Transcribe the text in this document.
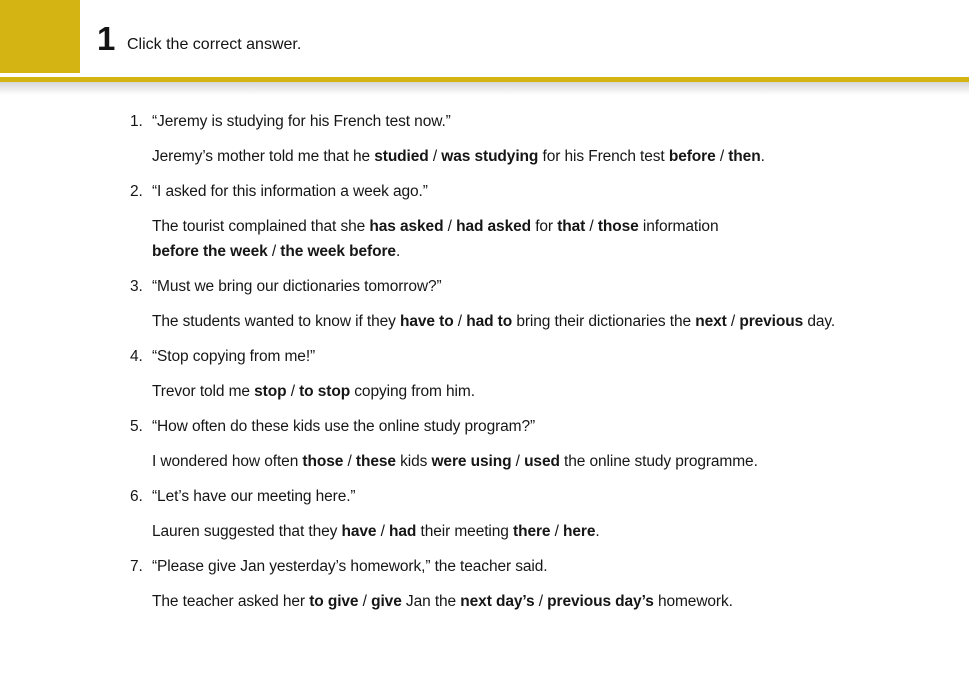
1 Click the correct answer.
1. “Jeremy is studying for his French test now.”

Jeremy’s mother told me that he studied / was studying for his French test before / then.

2. “I asked for this information a week ago.”

The tourist complained that she has asked / had asked for that / those information
before the week / the week before.

3. “Must we bring our dictionaries tomorrow?”

The students wanted to know if they have to / had to bring their dictionaries the next / previous day.

4. “Stop copying from me!”

Trevor told me stop / to stop copying from him.

5. “How often do these kids use the online study program?”

I wondered how often those / these kids were using / used the online study programme.

6. “Let’s have our meeting here.”

Lauren suggested that they have / had their meeting there / here.

7. “Please give Jan yesterday’s homework,” the teacher said.

The teacher asked her to give / give Jan the next day’s / previous day’s homework.
